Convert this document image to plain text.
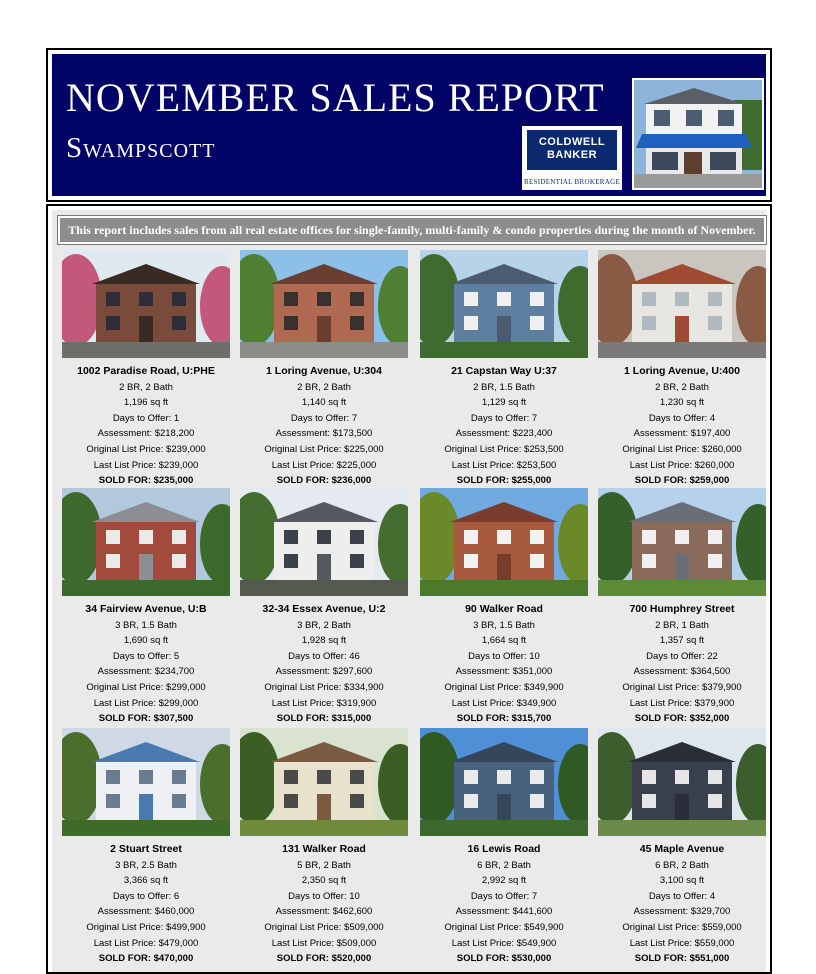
NOVEMBER SALES REPORT
Swampscott	COLDWELL
BANKER
RESIDENTIAL BROKERAGE
This report includes sales from all real estate offices for single-family, multi-family & condo properties during the month of November.
1002 Paradise Road, U:PHE
2 BR, 2 Bath
1,196 sq ft
Days to Offer: 1
Assessment: $218,200
Original List Price: $239,000
Last List Price: $239,000
SOLD FOR: $235,000
1 Loring Avenue, U:304
2 BR, 2 Bath
1,140 sq ft
Days to Offer: 7
Assessment: $173,500
Original List Price: $225,000
Last List Price: $225,000
SOLD FOR: $236,000
21 Capstan Way U:37
2 BR, 1.5 Bath
1,129 sq ft
Days to Offer: 7
Assessment: $223,400
Original List Price: $253,500
Last List Price: $253,500
SOLD FOR: $255,000
1 Loring Avenue, U:400
2 BR, 2 Bath
1,230 sq ft
Days to Offer: 4
Assessment: $197,400
Original List Price: $260,000
Last List Price: $260,000
SOLD FOR: $259,000
34 Fairview Avenue, U:B
3 BR, 1.5 Bath
1,690 sq ft
Days to Offer: 5
Assessment: $234,700
Original List Price: $299,000
Last List Price: $299,000
SOLD FOR: $307,500
32-34 Essex Avenue, U:2
3 BR, 2 Bath
1,928 sq ft
Days to Offer: 46
Assessment: $297,600
Original List Price: $334,900
Last List Price: $319,900
SOLD FOR: $315,000
90 Walker Road
3 BR, 1.5 Bath
1,664 sq ft
Days to Offer: 10
Assessment: $351,000
Original List Price: $349,900
Last List Price: $349,900
SOLD FOR: $315,700
700 Humphrey Street
2 BR, 1 Bath
1,357 sq ft
Days to Offer: 22
Assessment: $364,500
Original List Price: $379,900
Last List Price: $379,900
SOLD FOR: $352,000
2 Stuart Street
3 BR, 2.5 Bath
3,366 sq ft
Days to Offer: 6
Assessment: $460,000
Original List Price: $499,900
Last List Price: $479,000
SOLD FOR: $470,000
131 Walker Road
5 BR, 2 Bath
2,350 sq ft
Days to Offer: 10
Assessment: $462,600
Original List Price: $509,000
Last List Price: $509,000
SOLD FOR: $520,000
16 Lewis Road
6 BR, 2 Bath
2,992 sq ft
Days to Offer: 7
Assessment: $441,600
Original List Price: $549,900
Last List Price: $549,900
SOLD FOR: $530,000
45 Maple Avenue
6 BR, 2 Bath
3,100 sq ft
Days to Offer: 4
Assessment: $329,700
Original List Price: $559,000
Last List Price: $559,000
SOLD FOR: $551,000
